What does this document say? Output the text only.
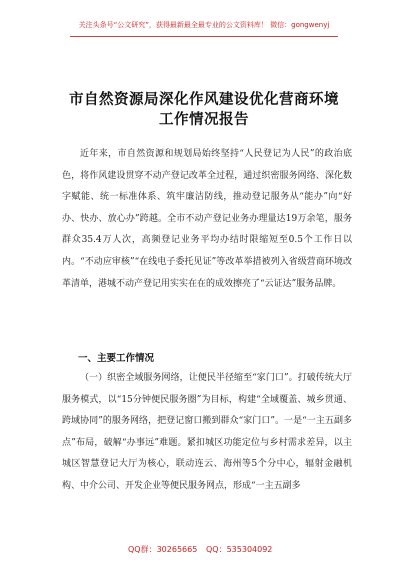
关注头条号“公文研究”，获得最新最全最专业的公文资料库！ 微信：gongwenyj
市自然资源局深化作风建设优化营商环境
工作情况报告
近年来，市自然资源和规划局始终坚持“人民登记为人民”的政治底色，将作风建设贯穿不动产登记改革全过程，通过织密服务网络、深化数字赋能、统一标准体系、筑牢廉洁防线，推动登记服务从“能办”向“好办、快办、放心办”跨越。全市不动产登记业务办理量达19万余笔，服务群众35.4万人次，高频登记业务平均办结时限缩短至0.5个工作日以内。“不动应审核”“在线电子委托见证”等改革举措被列入省级营商环境改革清单，港城不动产登记用实实在在的成效擦亮了“云证达”服务品牌。
一、主要工作情况
（一）织密全域服务网络，让便民半径缩至“家门口”。打破传统大厅服务模式，以“15分钟便民服务圈”为目标，构建“全域覆盖、城乡贯通、跨域协同”的服务网络，把登记窗口搬到群众“家门口”。一是“一主五副多点”布局，破解“办事远”难题。紧扣城区功能定位与乡村需求差异，以主城区智慧登记大厅为核心，联动连云、海州等5个分中心，辐射金融机构、中介公司、开发企业等便民服务网点，形成“一主五副多
QQ群：30265665 QQ：535304092
